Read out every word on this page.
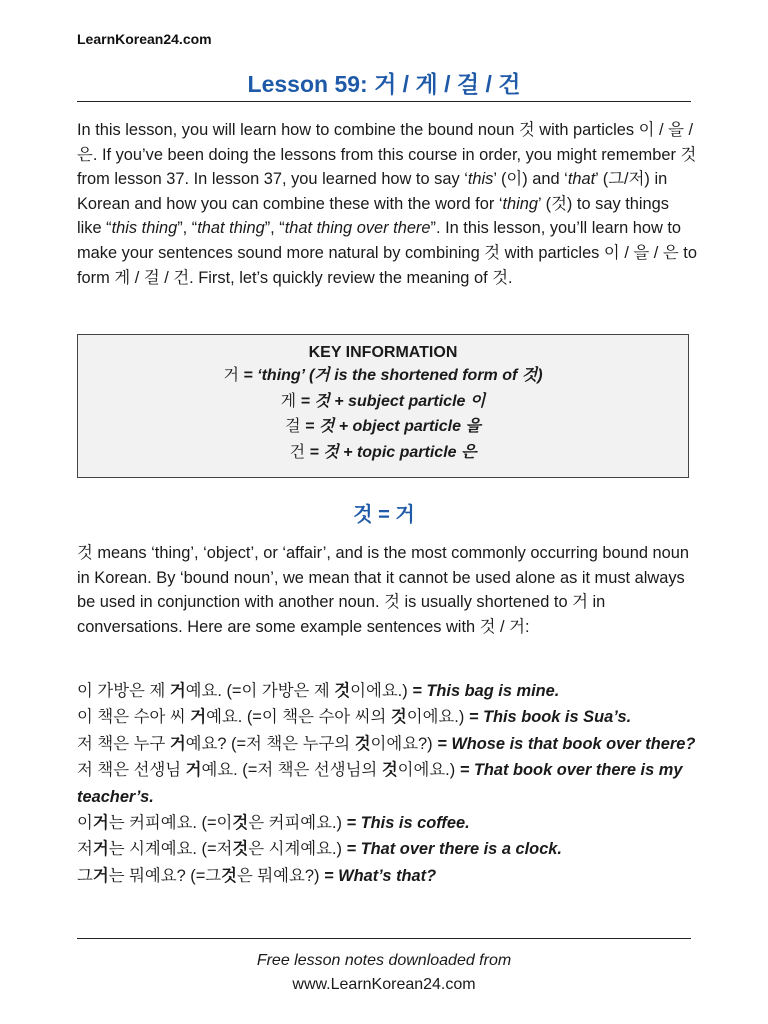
LearnKorean24.com
Lesson 59: 거 / 게 / 걸 / 건

In this lesson, you will learn how to combine the bound noun 것 with particles 이 / 을 / 은. If you’ve been doing the lessons from this course in order, you might remember 것 from lesson 37. In lesson 37, you learned how to say ‘this’ (이) and ‘that’ (그/저) in Korean and how you can combine these with the word for ‘thing’ (것) to say things like “this thing”, “that thing”, “that thing over there”. In this lesson, you’ll learn how to make your sentences sound more natural by combining 것 with particles 이 / 을 / 은 to form 게 / 걸 / 건. First, let’s quickly review the meaning of 것.

KEY INFORMATION
거 = ‘thing’ (거 is the shortened form of 것)
게 = 것 + subject particle 이
걸 = 것 + object particle 을
건 = 것 + topic particle 은
것 = 거

것 means ‘thing’, ‘object’, or ‘affair’, and is the most commonly occurring bound noun in Korean. By ‘bound noun’, we mean that it cannot be used alone as it must always be used in conjunction with another noun. 것 is usually shortened to 거 in conversations. Here are some example sentences with 것 / 거:

이 가방은 제 거예요. (=이 가방은 제 것이에요.) = This bag is mine.

이 책은 수아 씨 거예요. (=이 책은 수아 씨의 것이에요.) = This book is Sua’s.

저 책은 누구 거예요? (=저 책은 누구의 것이에요?) = Whose is that book over there?

저 책은 선생님 거예요. (=저 책은 선생님의 것이에요.) = That book over there is my teacher’s.

이거는 커피예요. (=이것은 커피예요.) = This is coffee.

저거는 시계예요. (=저것은 시계예요.) = That over there is a clock.

그거는 뭐예요? (=그것은 뭐예요?) = What’s that?

Free lesson notes downloaded from
www.LearnKorean24.com
